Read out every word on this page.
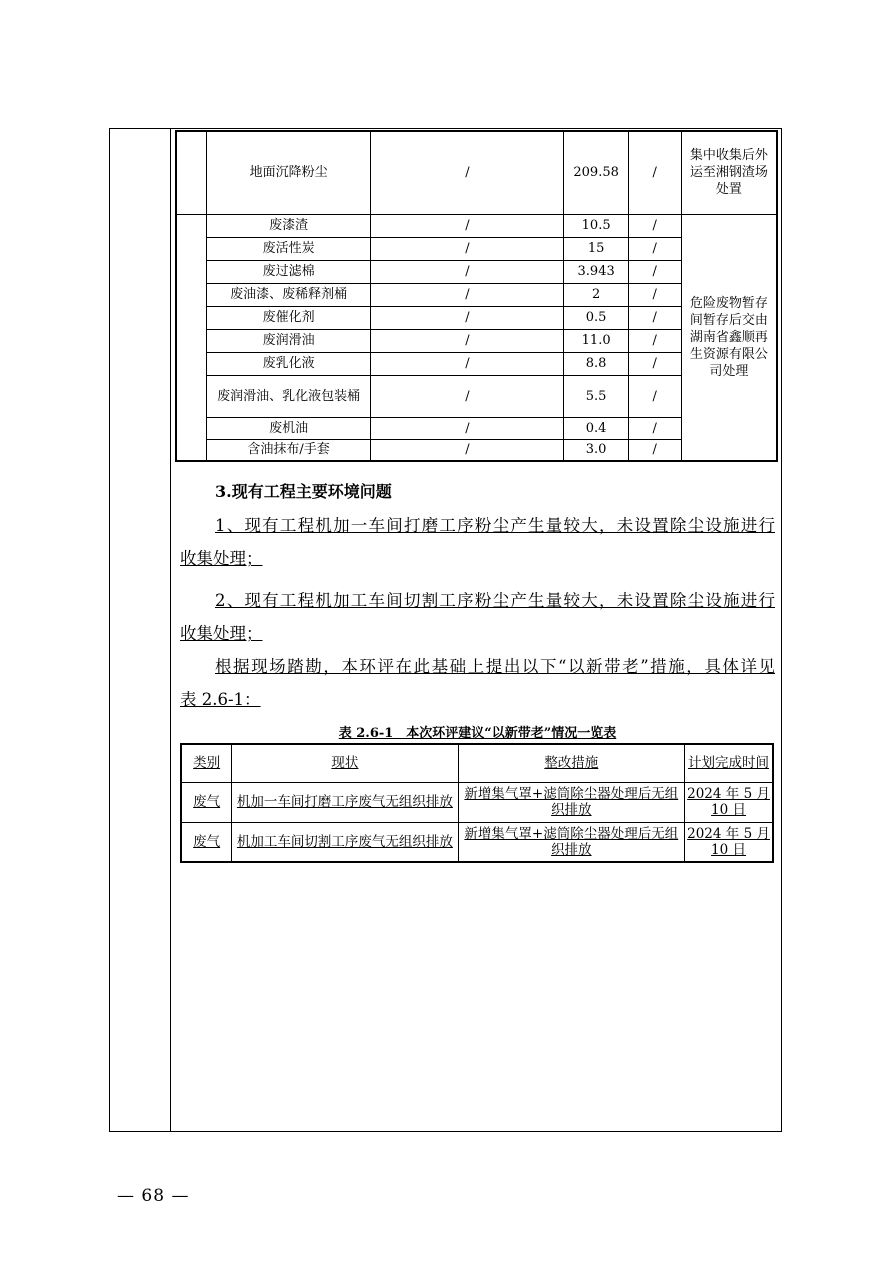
	地面沉降粉尘	/	209.58	/	集中收集后外运至湘钢渣场处置
	废漆渣	/	10.5	/	危险废物暂存间暂存后交由湖南省鑫顺再生资源有限公司处理
	废活性炭	/	15	/	
	废过滤棉	/	3.943	/	
	废油漆、废稀释剂桶	/	2	/	
	废催化剂	/	0.5	/	
	废润滑油	/	11.0	/	
	废乳化液	/	8.8	/	
	废润滑油、乳化液包装桶	/	5.5	/	
	废机油	/	0.4	/	
	含油抹布/手套	/	3.0	/	
3.现有工程主要环境问题
1、现有工程机加一车间打磨工序粉尘产生量较大，未设置除尘设施进行
收集处理；
2、现有工程机加工车间切割工序粉尘产生量较大，未设置除尘设施进行
收集处理；
根据现场踏勘，本环评在此基础上提出以下“以新带老”措施，具体详见
表 2.6-1：
表 2.6-1　本次环评建议“以新带老”情况一览表
类别	现状	整改措施	计划完成时间
废气	机加一车间打磨工序废气无组织排放	新增集气罩+滤筒除尘器处理后无组织排放	2024 年 5 月 10 日
废气	机加工车间切割工序废气无组织排放	新增集气罩+滤筒除尘器处理后无组织排放	2024 年 5 月 10 日
— 68 —
